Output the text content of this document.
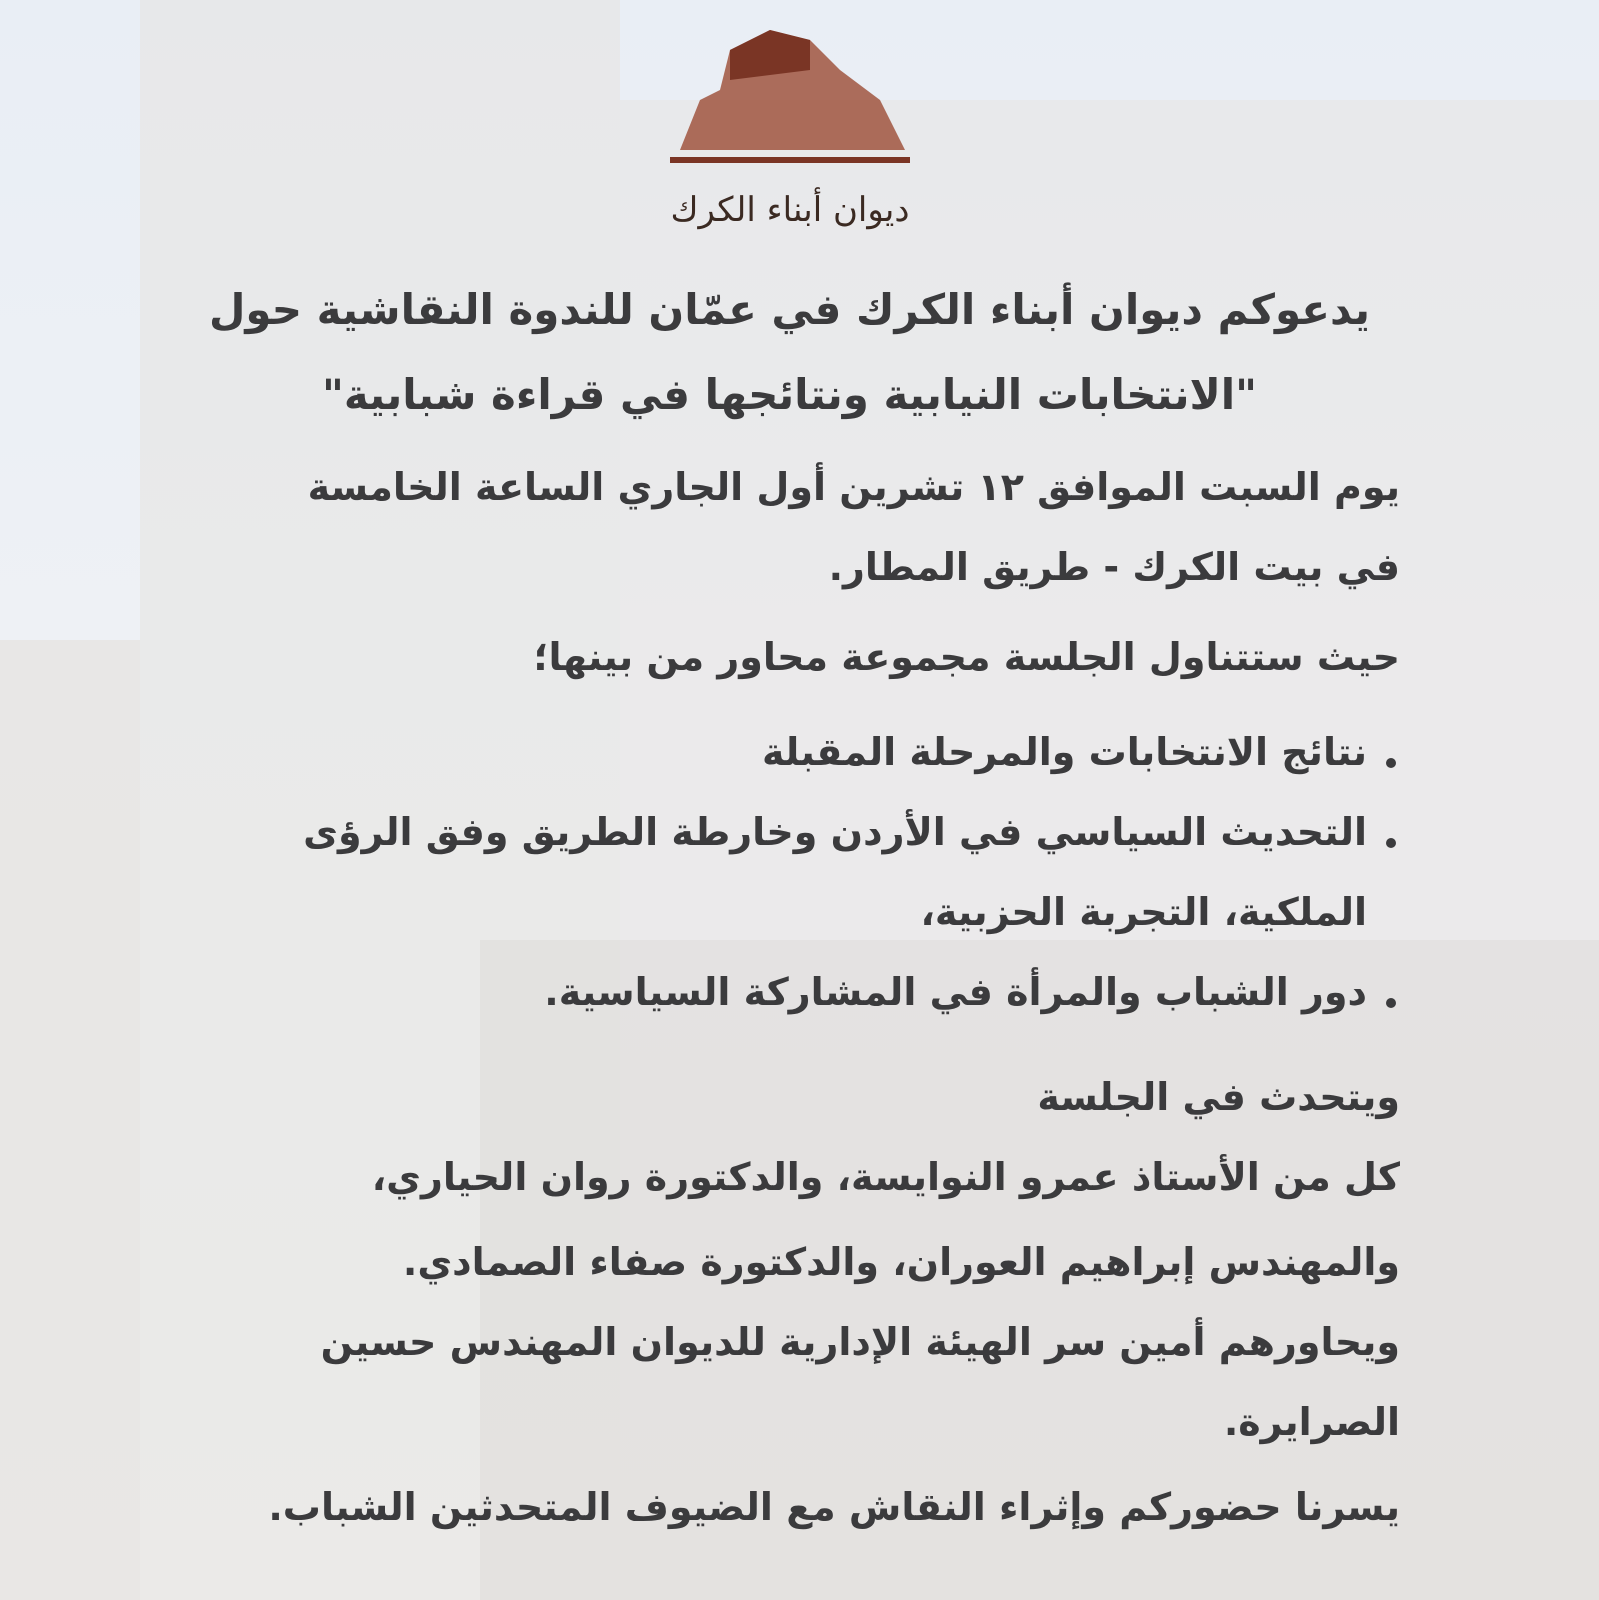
ديوان أبناء الكرك
يدعوكم ديوان أبناء الكرك في عمّان للندوة النقاشية حول
"الانتخابات النيابية ونتائجها في قراءة شبابية"
يوم السبت الموافق ١٢ تشرين أول الجاري الساعة الخامسة
في بيت الكرك - طريق المطار.
حيث ستتناول الجلسة مجموعة محاور من بينها؛
نتائج الانتخابات والمرحلة المقبلة
التحديث السياسي في الأردن وخارطة الطريق وفق الرؤى
الملكية، التجربة الحزبية،
دور الشباب والمرأة في المشاركة السياسية.
ويتحدث في الجلسة
كل من الأستاذ عمرو النوايسة، والدكتورة روان الحياري،
والمهندس إبراهيم العوران، والدكتورة صفاء الصمادي.
ويحاورهم أمين سر الهيئة الإدارية للديوان المهندس حسين
الصرايرة.
يسرنا حضوركم وإثراء النقاش مع الضيوف المتحدثين الشباب.
